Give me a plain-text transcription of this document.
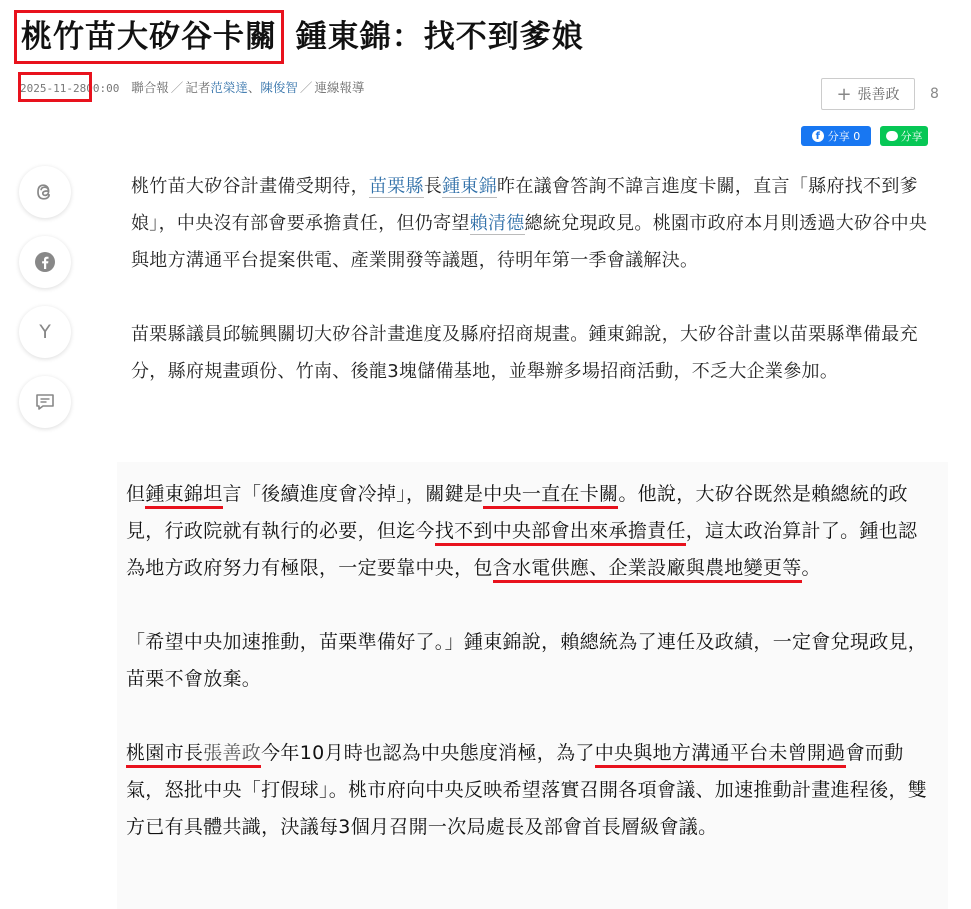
桃竹苗大矽谷卡關 鍾東錦：找不到爹娘
2025-11-2800:00 聯合報 ／ 記者范榮達、陳俊智 ／ 連線報導	+ 張善政 8
f 分享 0	分享
Y

桃竹苗大矽谷計畫備受期待，苗栗縣長鍾東錦昨在議會答詢不諱言進度卡關，直言「縣府找不到爹娘」，中央沒有部會要承擔責任，但仍寄望賴清德總統兌現政見。桃園市政府本月則透過大矽谷中央與地方溝通平台提案供電、產業開發等議題，待明年第一季會議解決。

苗栗縣議員邱毓興關切大矽谷計畫進度及縣府招商規畫。鍾東錦說，大矽谷計畫以苗栗縣準備最充分，縣府規畫頭份、竹南、後龍3塊儲備基地，並舉辦多場招商活動，不乏大企業參加。

但鍾東錦坦言「後續進度會冷掉」，關鍵是中央一直在卡關。他說，大矽谷既然是賴總統的政見，行政院就有執行的必要，但迄今找不到中央部會出來承擔責任，這太政治算計了。鍾也認為地方政府努力有極限，一定要靠中央，包含水電供應、企業設廠與農地變更等。

「希望中央加速推動，苗栗準備好了。」鍾東錦說，賴總統為了連任及政績，一定會兌現政見，苗栗不會放棄。

桃園市長張善政今年10月時也認為中央態度消極，為了中央與地方溝通平台未曾開過會而動氣，怒批中央「打假球」。桃市府向中央反映希望落實召開各項會議、加速推動計畫進程後，雙方已有具體共識，決議每3個月召開一次局處長及部會首長層級會議。
